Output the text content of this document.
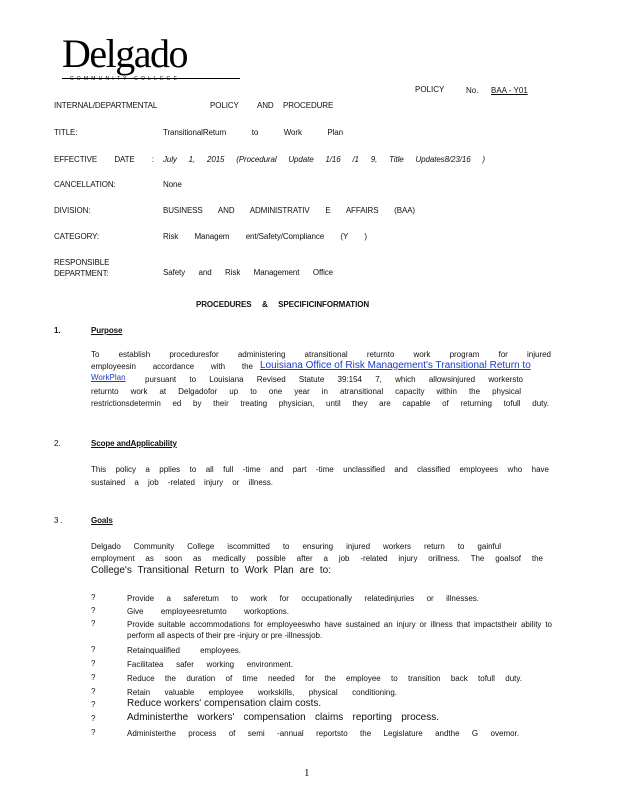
Delgado
COMMUNITY COLLEGE
POLICY	No. BAA - Y01
INTERNAL/DEPARTMENTAL	POLICY AND PROCEDURE
TITLE:	TransitionalReturn to Work Plan
EFFECTIVE DATE : July 1, 2015 (Procedural Update 1/16 /1 9, Title Updates8/23/16 )
CANCELLATION:	None
DIVISION:	BUSINESS AND ADMINISTRATIV E AFFAIRS (BAA)
CATEGORY:	Risk Managem ent/Safety/Compliance (Y )
RESPONSIBLE DEPARTMENT:	Safety and Risk Management Office
PROCEDURES & SPECIFICINFORMATION
1.	Purpose
To establish proceduresfor administering atransitional returnto work program for injured
employeesin accordance with the Louisiana Office of Risk Management's Transitional Return to
WorkPlan pursuant to Louisiana Revised Statute 39:154 7, which allowsinjured workersto
returnto work at Delgadofor up to one year in atransitional capacity within the physical
restrictionsdetermin ed by their treating physician, until they are capable of returning tofull duty.
2.	Scope andApplicability
This policy a pplies to all full -time and part -time unclassified and classified employees who have
sustained a job -related injury or illness.
3 .	Goals
Delgado Community College iscommitted to ensuring injured workers return to gainful
employment as soon as medically possible after a job -related injury orillness. The goalsof the
College's Transitional Return to Work Plan are to:
?	Provide a saferetum to work for occupationally relatedinjuries or illnesses.
?	Give employeesretumto workoptions.
?	Provide suitable accommodations for employeeswho have sustained an injury or illness that impactstheir ability to perform all aspects of their pre -injury or pre -illnessjob.
?	Retainqualified employees.
?	Facilitatea safer working environment.
?	Reduce the duration of time needed for the employee to transition back tofull duty.
?	Retain valuable employee workskills, physical conditioning.
?	Reduce workers' compensation claim costs.
?	Administerthe workers' compensation claims reporting process.
?	Administerthe process of semi -annual reportsto the Legislature andthe G ovemor.
1
